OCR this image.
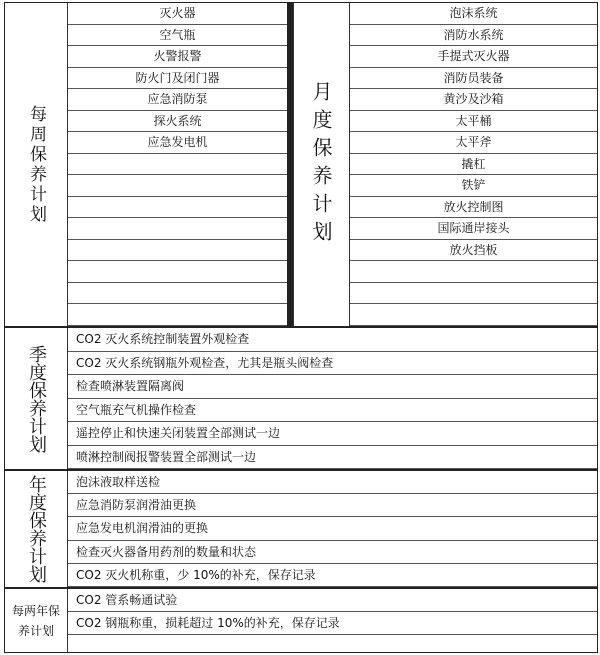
每周保养计划
灭火器
空气瓶
火警报警
防火门及闭门器
应急消防泵
探火系统
应急发电机	月度保养计划
泡沫系统
消防水系统
手提式灭火器
消防员装备
黄沙及沙箱
太平桶
太平斧
撬杠
铁铲
放火控制图
国际通岸接头
放火挡板
季度保养计划
CO2 灭火系统控制装置外观检查
CO2 灭火系统钢瓶外观检查，尤其是瓶头阀检查
检查喷淋装置隔离阀
空气瓶充气机操作检查
遥控停止和快速关闭装置全部测试一边
喷淋控制阀报警装置全部测试一边
年度保养计划	泡沫液取样送检
应急消防泵润滑油更换
应急发电机润滑油的更换
检查灭火器备用药剂的数量和状态
CO2 灭火机称重，少 10%的补充，保存记录
每两年保养计划
CO2 管系畅通试验
CO2 钢瓶称重，损耗超过 10%的补充，保存记录
